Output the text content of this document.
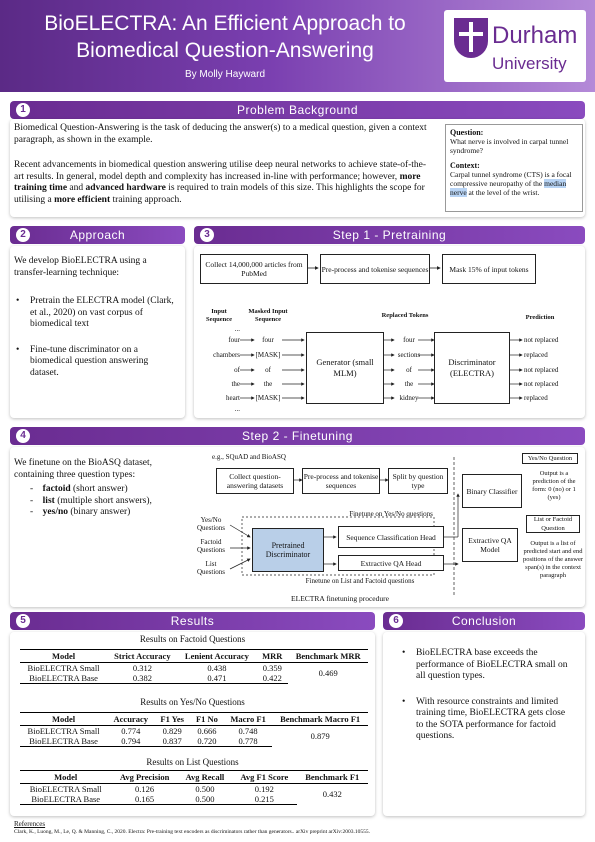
BioELECTRA: An Efficient Approach to
Biomedical Question-Answering
By Molly Hayward
Durham
University
1	Problem Background
Biomedical Question-Answering is the task of deducing the answer(s) to a medical question, given a context paragraph, as shown in the example.
Recent advancements in biomedical question answering utilise deep neural networks to achieve state-of-the-art results. In general, model depth and complexity has increased in-line with performance; however, more training time and advanced hardware is required to train models of this size. This highlights the scope for utilising a more efficient training approach.
Question:
What nerve is involved in carpal tunnel syndrome?
Context:
Carpal tunnel syndrome (CTS) is a focal compressive neuropathy of the median nerve at the level of the wrist.
2	Approach
We develop BioELECTRA using a transfer-learning technique:
• Pretrain the ELECTRA model (Clark, et al., 2020) on vast corpus of biomedical text
• Fine-tune discriminator on a biomedical question answering dataset.
3	Step 1 - Pretraining
Collect 14,000,000 articles from PubMed	Pre-process and tokenise sequences	Mask 15% of input tokens
Input Sequence
Masked Input Sequence	Replaced Tokens	Prediction
...
four
chambers
of
the
heart
...
four
[MASK]
of
the
[MASK]
Generator (small MLM)
four
sections
of
the
kidney
Discriminator (ELECTRA)
not replaced
replaced
not replaced
not replaced
replaced
4	Step 2 - Finetuning
We finetune on the BioASQ dataset, containing three question types:
-    factoid (short answer)
-    list (multiple short answers),
-    yes/no (binary answer)
e.g., SQuAD and BioASQ
Collect question-answering datasets
Pre-process and tokenise sequences
Split by question type
Yes/No Questions
Factoid Questions
List Questions
Finetune on Yes/No questions
Pretrained Discriminator
Sequence Classification Head
Extractive QA Head
Finetune on List and Factoid questions
ELECTRA finetuning procedure
Yes/No Question
Binary Classifier
Output is a prediction of the form: 0 (no) or 1 (yes)
List or Factoid Question
Extractive QA Model
Output is a list of predicted start and end positions of the answer span(s) in the context paragraph
5	Results
Results on Factoid Questions
Model	Strict Accuracy	Lenient Accuracy	MRR	Benchmark MRR
BioELECTRA Small	0.312	0.438	0.359	0.469
BioELECTRA Base	0.382	0.471	0.422	
Results on Yes/No Questions
Model	Accuracy	F1 Yes	F1 No	Macro F1	Benchmark Macro F1
BioELECTRA Small	0.774	0.829	0.666	0.748	0.879
BioELECTRA Base	0.794	0.837	0.720	0.778	
Results on List Questions
Model	Avg Precision	Avg Recall	Avg F1 Score	Benchmark F1
BioELECTRA Small	0.126	0.500	0.192	0.432
BioELECTRA Base	0.165	0.500	0.215	
6	Conclusion
• BioELECTRA base exceeds the performance of BioELECTRA small on all question types.
• With resource constraints and limited training time, BioELECTRA gets close to the SOTA performance for factoid questions.
References
Clark, K., Luong, M., Le, Q. & Manning, C., 2020. Electra: Pre-training text encoders as discriminators rather than generators.. arXiv preprint arXiv:2003.10555.
